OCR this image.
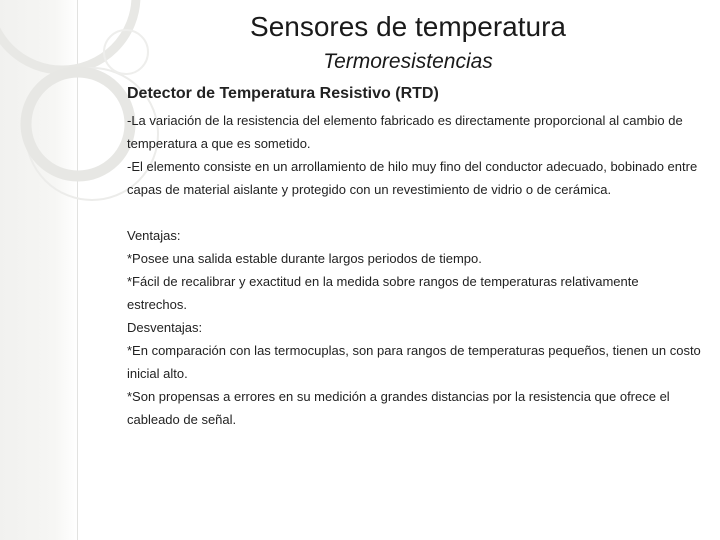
Sensores de temperatura
Termoresistencias
Detector de Temperatura Resistivo (RTD)

-La variación de la resistencia del elemento fabricado es directamente proporcional al cambio de temperatura a que es sometido.

-El elemento consiste en un arrollamiento de hilo muy fino del conductor adecuado, bobinado entre capas de material aislante y protegido con un revestimiento de vidrio o de cerámica.

Ventajas:

*Posee una salida estable durante largos periodos de tiempo.

*Fácil de recalibrar y exactitud en la medida sobre rangos de temperaturas relativamente estrechos.

Desventajas:

*En comparación con las termocuplas, son para rangos de temperaturas pequeños, tienen un costo inicial alto.

*Son propensas a errores en su medición a grandes distancias por la resistencia que ofrece el cableado de señal.
